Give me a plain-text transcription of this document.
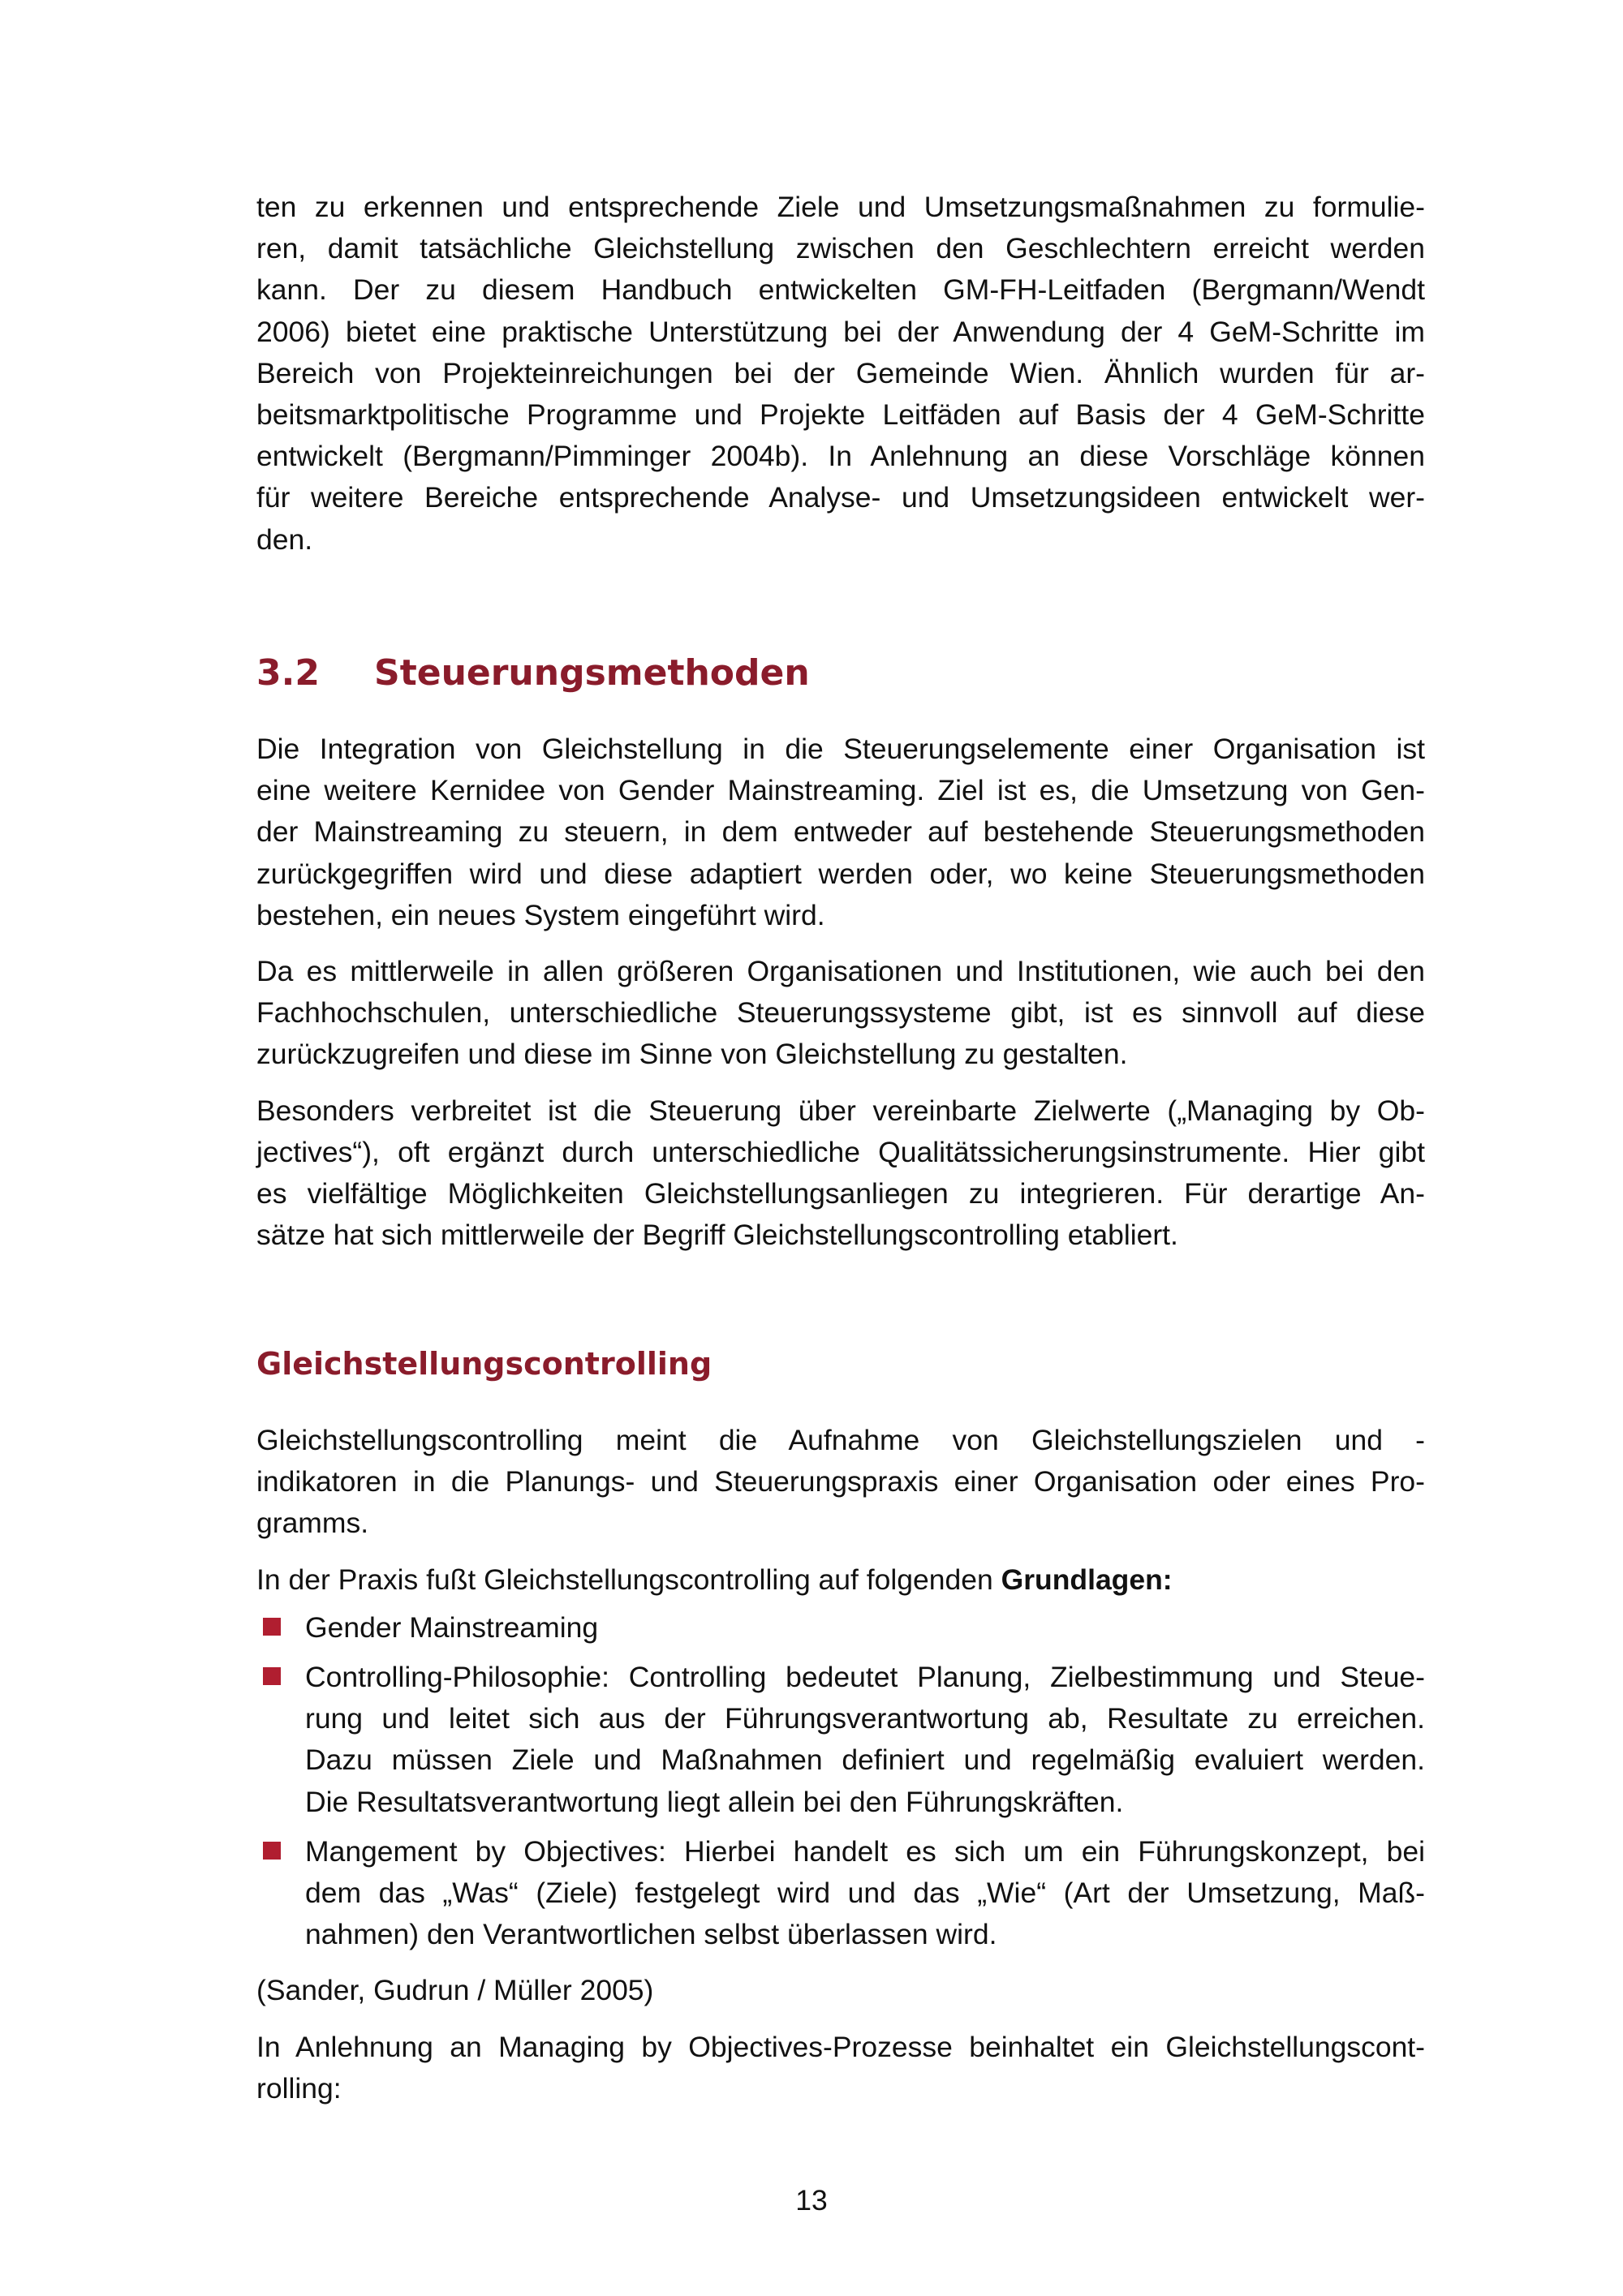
ten zu erkennen und entsprechende Ziele und Umsetzungsmaßnahmen zu formulie-
ren, damit tatsächliche Gleichstellung zwischen den Geschlechtern erreicht werden
kann. Der zu diesem Handbuch entwickelten GM-FH-Leitfaden (Bergmann/Wendt
2006) bietet eine praktische Unterstützung bei der Anwendung der 4 GeM-Schritte im
Bereich von Projekteinreichungen bei der Gemeinde Wien. Ähnlich wurden für ar-
beitsmarktpolitische Programme und Projekte Leitfäden auf Basis der 4 GeM-Schritte
entwickelt (Bergmann/Pimminger 2004b). In Anlehnung an diese Vorschläge können
für weitere Bereiche entsprechende Analyse- und Umsetzungsideen entwickelt wer-
den.

3.2 Steuerungsmethoden

Die Integration von Gleichstellung in die Steuerungselemente einer Organisation ist
eine weitere Kernidee von Gender Mainstreaming. Ziel ist es, die Umsetzung von Gen-
der Mainstreaming zu steuern, in dem entweder auf bestehende Steuerungsmethoden
zurückgegriffen wird und diese adaptiert werden oder, wo keine Steuerungsmethoden
bestehen, ein neues System eingeführt wird.

Da es mittlerweile in allen größeren Organisationen und Institutionen, wie auch bei den
Fachhochschulen, unterschiedliche Steuerungssysteme gibt, ist es sinnvoll auf diese
zurückzugreifen und diese im Sinne von Gleichstellung zu gestalten.

Besonders verbreitet ist die Steuerung über vereinbarte Zielwerte („Managing by Ob-
jectives“), oft ergänzt durch unterschiedliche Qualitätssicherungsinstrumente. Hier gibt
es vielfältige Möglichkeiten Gleichstellungsanliegen zu integrieren. Für derartige An-
sätze hat sich mittlerweile der Begriff Gleichstellungscontrolling etabliert.

Gleichstellungscontrolling

Gleichstellungscontrolling meint die Aufnahme von Gleichstellungszielen und -
indikatoren in die Planungs- und Steuerungspraxis einer Organisation oder eines Pro-
gramms.

In der Praxis fußt Gleichstellungscontrolling auf folgenden Grundlagen:

Gender Mainstreaming
Controlling-Philosophie: Controlling bedeutet Planung, Zielbestimmung und Steue-
rung und leitet sich aus der Führungsverantwortung ab, Resultate zu erreichen.
Dazu müssen Ziele und Maßnahmen definiert und regelmäßig evaluiert werden.
Die Resultatsverantwortung liegt allein bei den Führungskräften.
Mangement by Objectives: Hierbei handelt es sich um ein Führungskonzept, bei
dem das „Was“ (Ziele) festgelegt wird und das „Wie“ (Art der Umsetzung, Maß-
nahmen) den Verantwortlichen selbst überlassen wird.

(Sander, Gudrun / Müller 2005)

In Anlehnung an Managing by Objectives-Prozesse beinhaltet ein Gleichstellungscont-
rolling:

13
